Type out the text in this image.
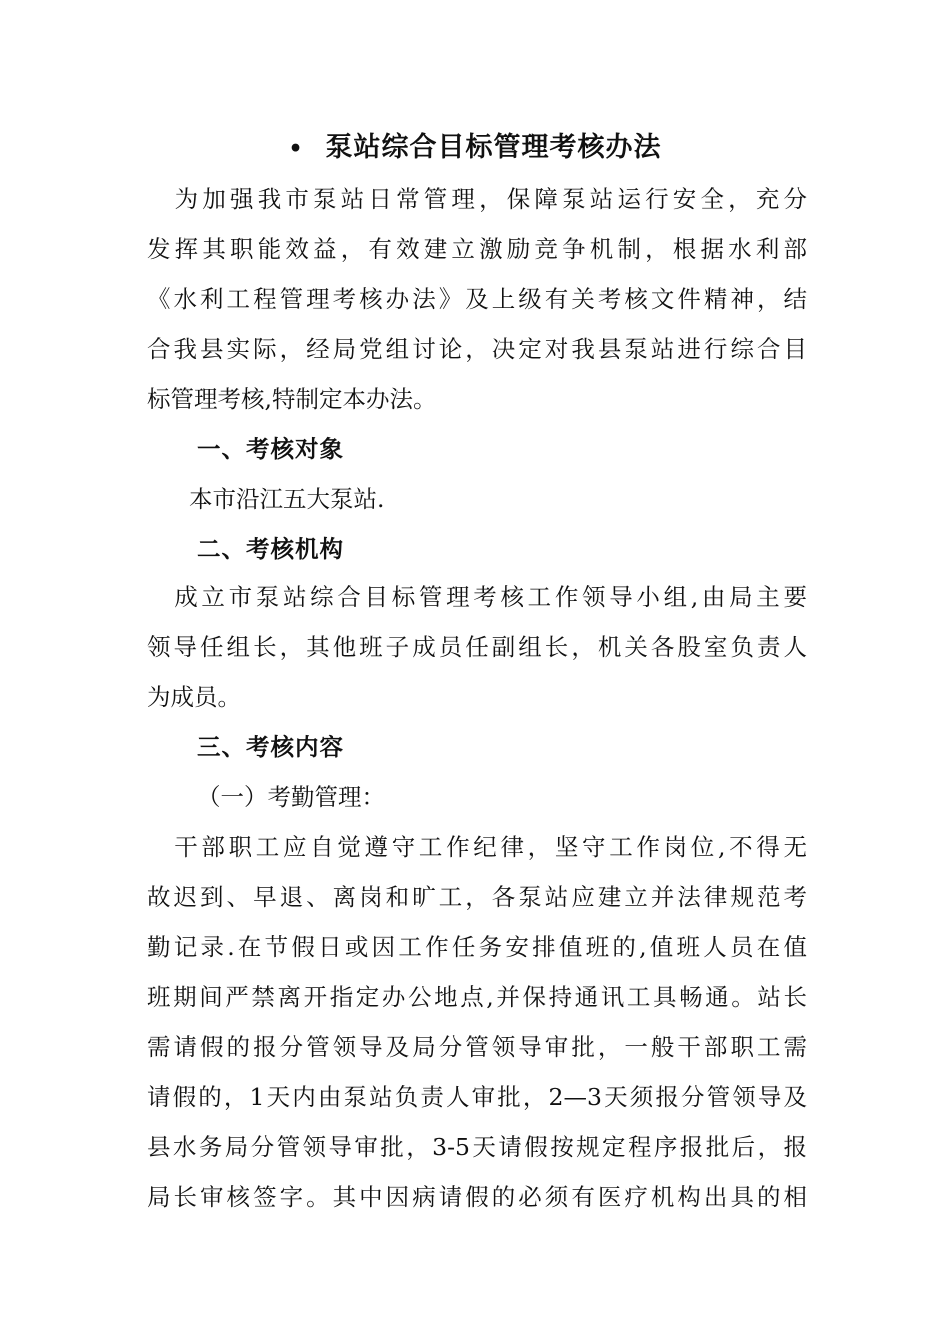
• 泵站综合目标管理考核办法
　为加强我市泵站日常管理，保障泵站运行安全，充分
发挥其职能效益，有效建立激励竞争机制，根据水利部
《水利工程管理考核办法》及上级有关考核文件精神，结
合我县实际，经局党组讨论，决定对我县泵站进行综合目
标管理考核,特制定本办法。
一、考核对象
本市沿江五大泵站.
二、考核机构
　成立市泵站综合目标管理考核工作领导小组,由局主要
领导任组长，其他班子成员任副组长，机关各股室负责人
为成员。
三、考核内容
（一）考勤管理：
　干部职工应自觉遵守工作纪律，坚守工作岗位,不得无
故迟到、早退、离岗和旷工，各泵站应建立并法律规范考
勤记录.在节假日或因工作任务安排值班的,值班人员在值
班期间严禁离开指定办公地点,并保持通讯工具畅通。站长
需请假的报分管领导及局分管领导审批，一般干部职工需
请假的，1天内由泵站负责人审批，2—3天须报分管领导及
县水务局分管领导审批，3-5天请假按规定程序报批后，报
局长审核签字。其中因病请假的必须有医疗机构出具的相
